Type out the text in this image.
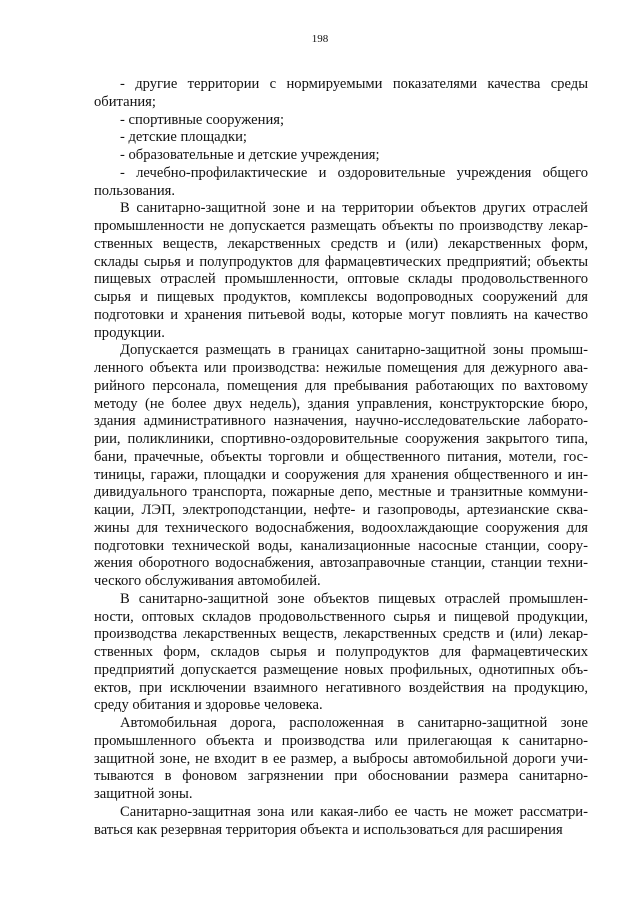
198

- другие территории с нормируемыми показателями качества среды обитания;

- спортивные сооружения;

- детские площадки;

- образовательные и детские учреждения;

- лечебно-профилактические и оздоровительные учреждения общего пользования.

В санитарно-защитной зоне и на территории объектов других отраслей промышленности не допускается размещать объекты по производству лекарственных веществ, лекарственных средств и (или) лекарственных форм, склады сырья и полупродуктов для фармацевтических предприятий; объекты пищевых отраслей промышленности, оптовые склады продовольственного сырья и пищевых продуктов, комплексы водопроводных сооружений для подготовки и хранения питьевой воды, которые могут повлиять на качество продукции.

Допускается размещать в границах санитарно-защитной зоны промышленного объекта или производства: нежилые помещения для дежурного аварийного персонала, помещения для пребывания работающих по вахтовому методу (не более двух недель), здания управления, конструкторские бюро, здания административного назначения, научно-исследовательские лаборатории, поликлиники, спортивно-оздоровительные сооружения закрытого типа, бани, прачечные, объекты торговли и общественного питания, мотели, гостиницы, гаражи, площадки и сооружения для хранения общественного и индивидуального транспорта, пожарные депо, местные и транзитные коммуникации, ЛЭП, электроподстанции, нефте- и газопроводы, артезианские скважины для технического водоснабжения, водоохлаждающие сооружения для подготовки технической воды, канализационные насосные станции, сооружения оборотного водоснабжения, автозаправочные станции, станции технического обслуживания автомобилей.

В санитарно-защитной зоне объектов пищевых отраслей промышленности, оптовых складов продовольственного сырья и пищевой продукции, производства лекарственных веществ, лекарственных средств и (или) лекарственных форм, складов сырья и полупродуктов для фармацевтических предприятий допускается размещение новых профильных, однотипных объектов, при исключении взаимного негативного воздействия на продукцию, среду обитания и здоровье человека.

Автомобильная дорога, расположенная в санитарно-защитной зоне промышленного объекта и производства или прилегающая к санитарно-защитной зоне, не входит в ее размер, а выбросы автомобильной дороги учитываются в фоновом загрязнении при обосновании размера санитарно-защитной зоны.

Санитарно-защитная зона или какая-либо ее часть не может рассматриваться как резервная территория объекта и использоваться для расширения
